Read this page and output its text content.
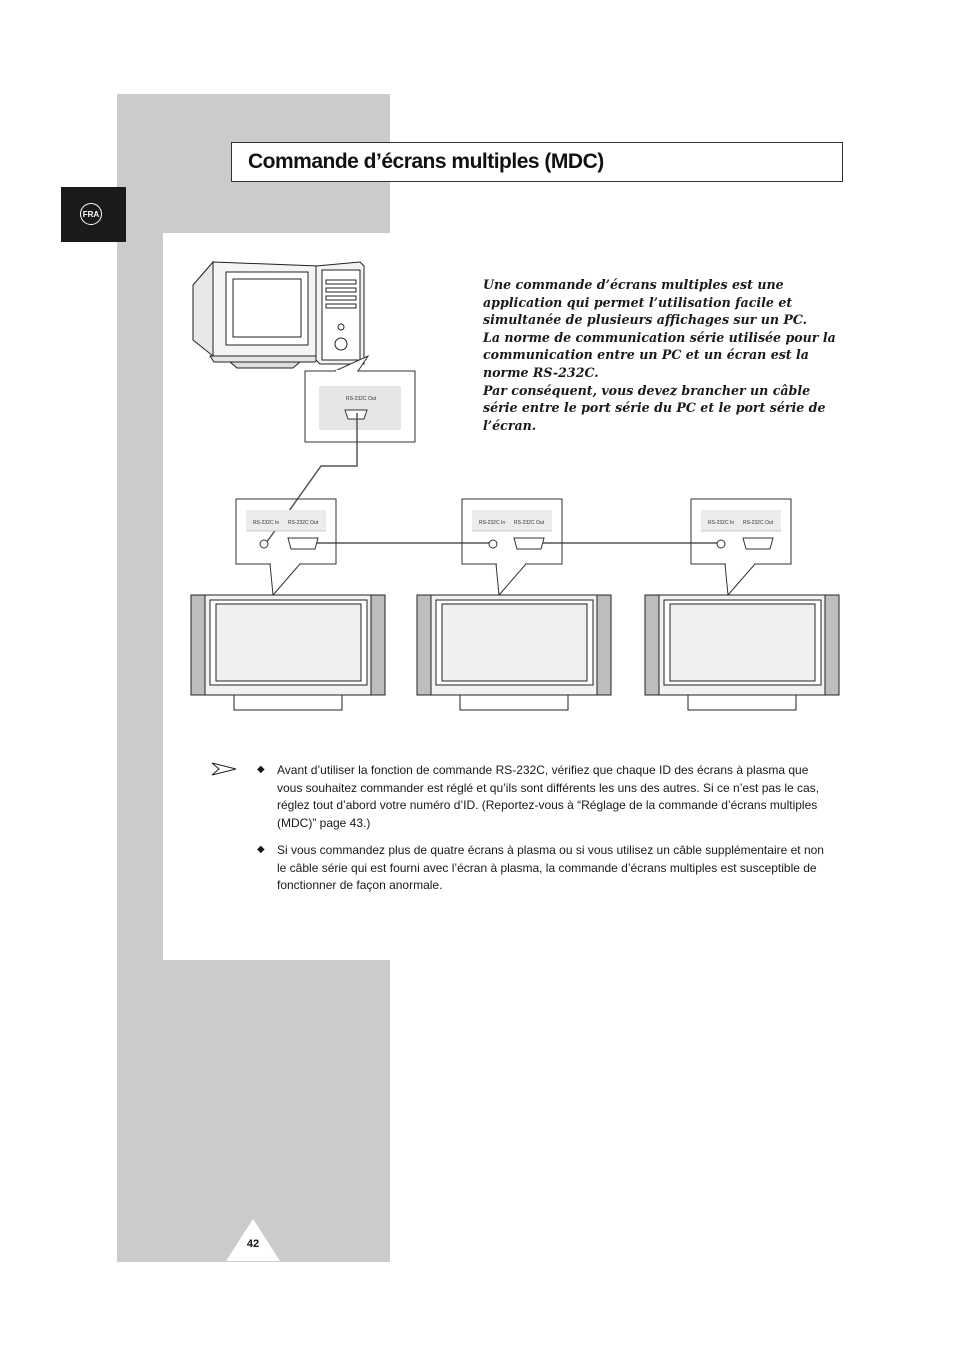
FRA
Commande d’écrans multiples (MDC)

Une commande d’écrans multiples est une application qui permet l’utilisation facile et simultanée de plusieurs affichages sur un PC.

La norme de communication série utilisée pour la communication entre un PC et un écran est la norme RS-232C.

Par conséquent, vous devez brancher un câble série entre le port série du PC et le port série de l’écran.

RS-232C Out
RS-232C In RS-232C Out	RS-232C In RS-232C Out	RS-232C In RS-232C Out
◆ Avant d’utiliser la fonction de commande RS-232C, vérifiez que chaque ID des écrans à plasma que vous souhaitez commander est réglé et qu’ils sont différents les uns des autres. Si ce n’est pas le cas, réglez tout d’abord votre numéro d’ID. (Reportez-vous à “Réglage de la commande d’écrans multiples (MDC)” page 43.)
◆ Si vous commandez plus de quatre écrans à plasma ou si vous utilisez un câble supplémentaire et non le câble série qui est fourni avec l’écran à plasma, la commande d’écrans multiples est susceptible de fonctionner de façon anormale.
42
